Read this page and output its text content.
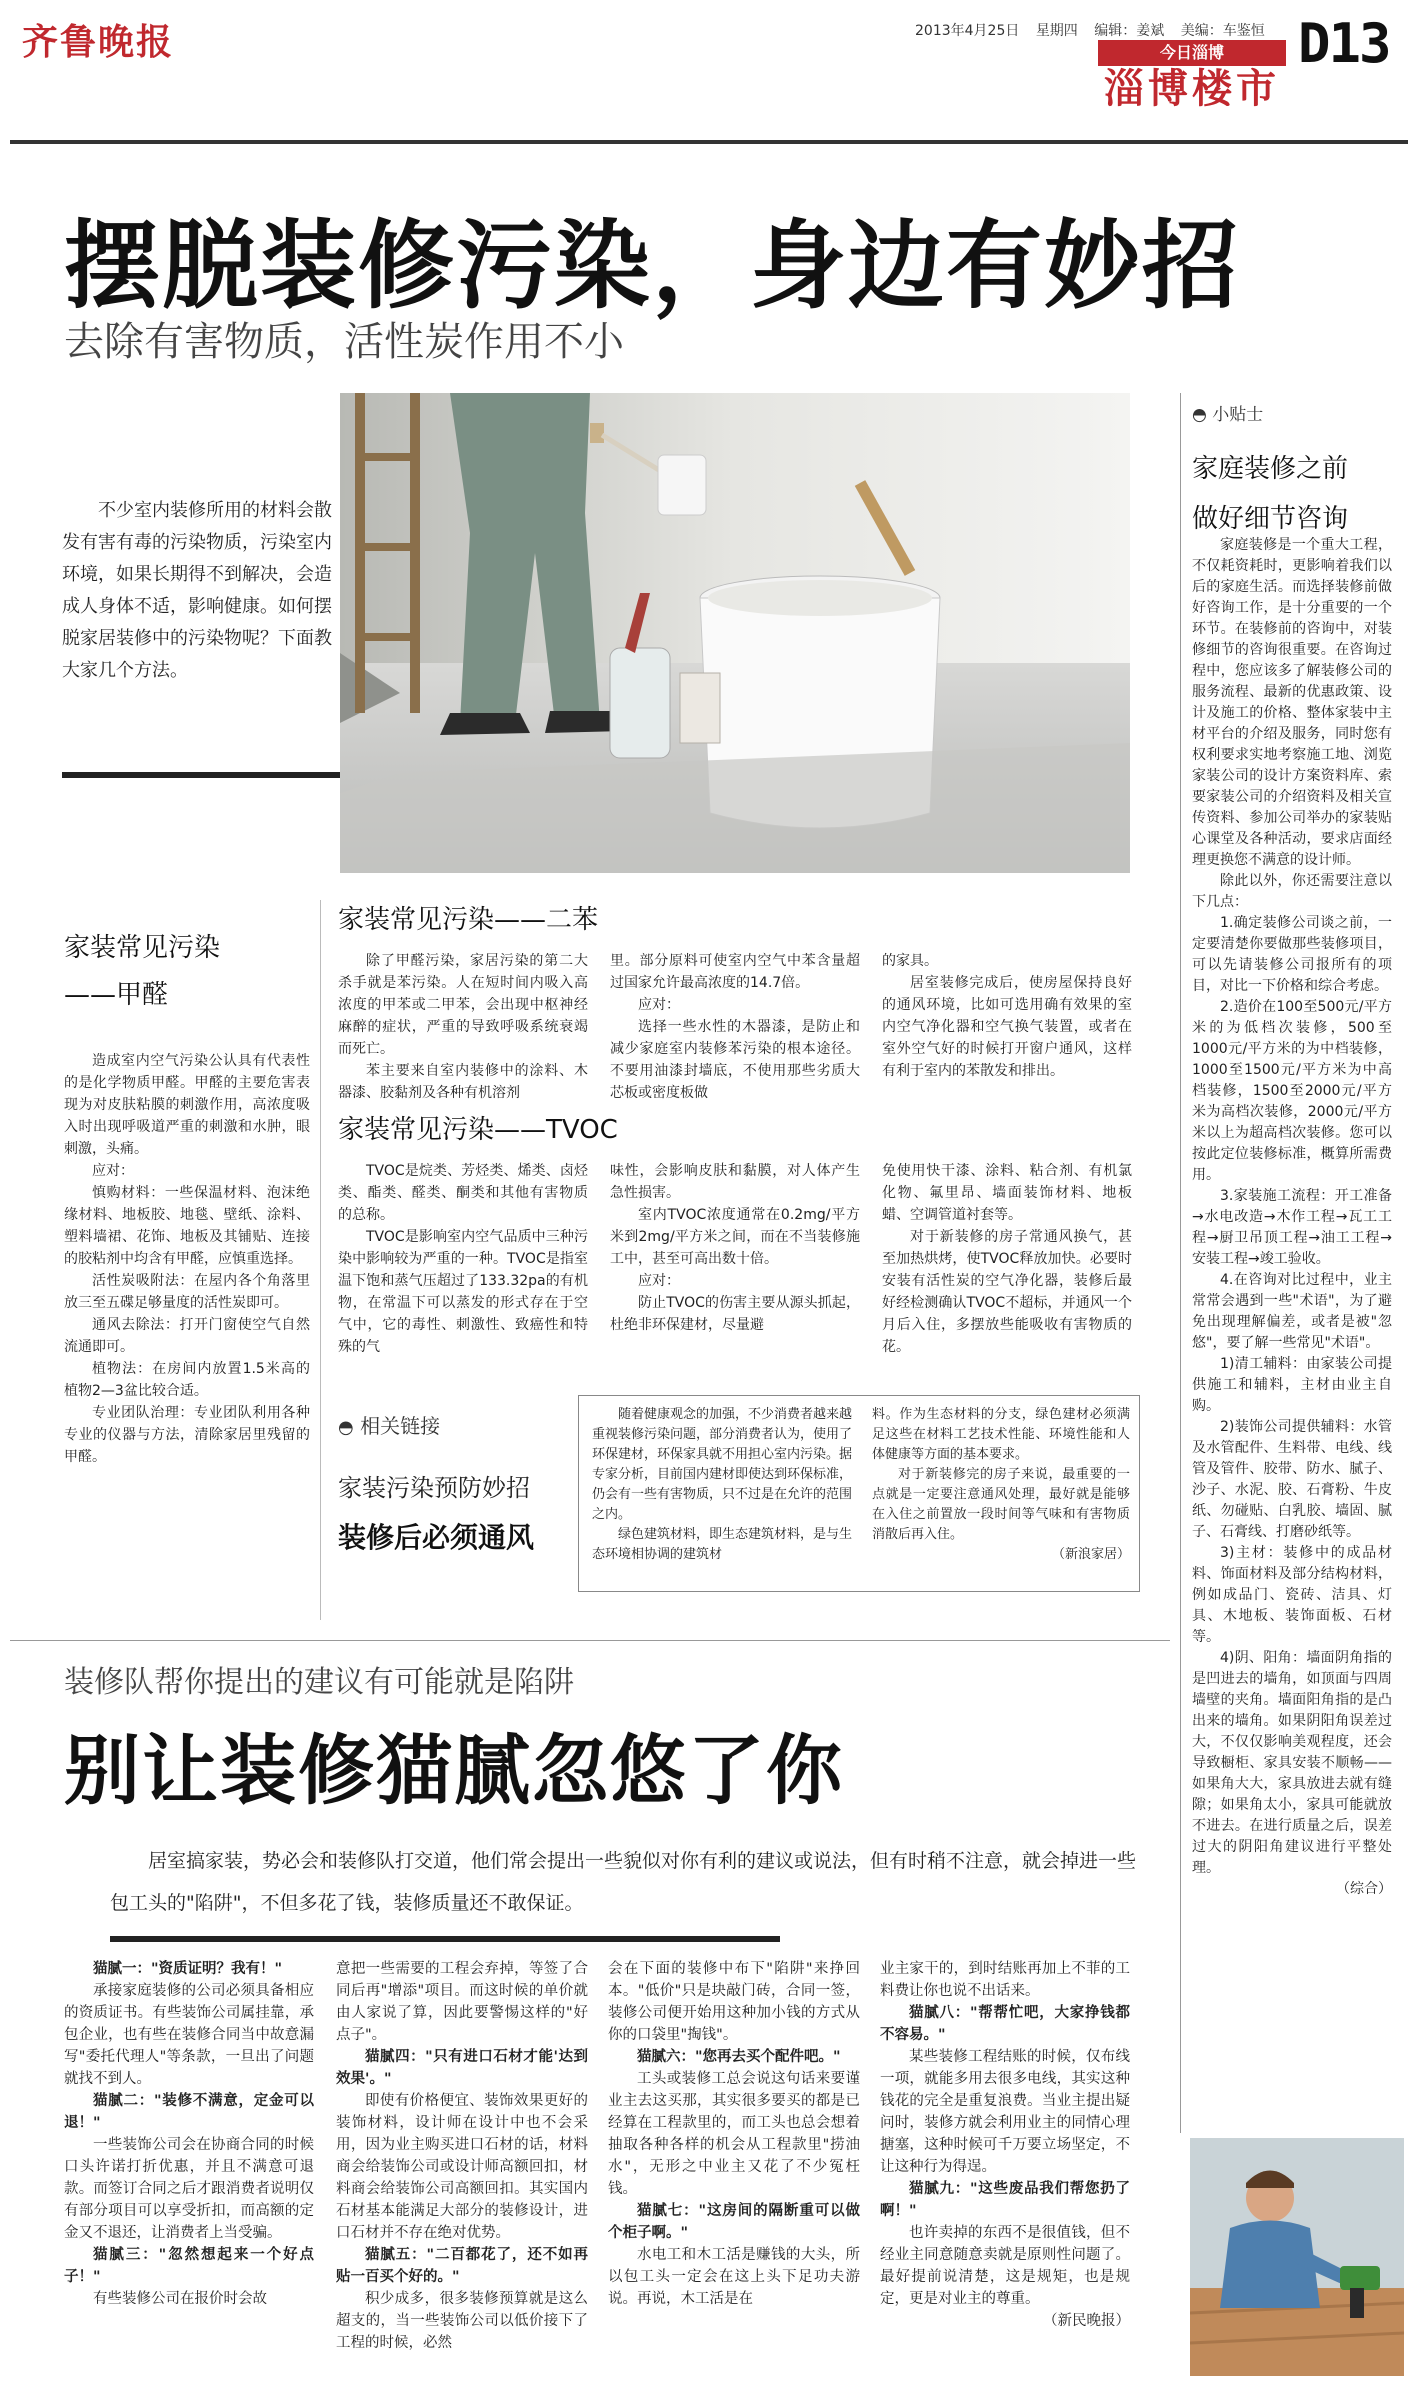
齐鲁晚报	2013年4月25日 星期四 编辑：姜斌 美编：车鉴恒
今日淄博
淄博楼市
D13
摆脱装修污染，身边有妙招
去除有害物质，活性炭作用不小

不少室内装修所用的材料会散发有害有毒的污染物质，污染室内环境，如果长期得不到解决，会造成人身体不适，影响健康。如何摆脱家居装修中的污染物呢？下面教大家几个方法。

家装常见污染
——甲醛

造成室内空气污染公认具有代表性的是化学物质甲醛。甲醛的主要危害表现为对皮肤粘膜的刺激作用，高浓度吸入时出现呼吸道严重的刺激和水肿，眼刺激，头痛。

应对：

慎购材料：一些保温材料、泡沫绝缘材料、地板胶、地毯、壁纸、涂料、塑料墙裙、花饰、地板及其铺贴、连接的胶粘剂中均含有甲醛，应慎重选择。

活性炭吸附法：在屋内各个角落里放三至五碟足够量度的活性炭即可。

通风去除法：打开门窗使空气自然流通即可。

植物法：在房间内放置1.5米高的植物2—3盆比较合适。

专业团队治理：专业团队利用各种专业的仪器与方法，清除家居里残留的甲醛。

家装常见污染——二苯

除了甲醛污染，家居污染的第二大杀手就是苯污染。人在短时间内吸入高浓度的甲苯或二甲苯，会出现中枢神经麻醉的症状，严重的导致呼吸系统衰竭而死亡。

苯主要来自室内装修中的涂料、木器漆、胶黏剂及各种有机溶剂

里。部分原料可使室内空气中苯含量超过国家允许最高浓度的14.7倍。

应对：

选择一些水性的木器漆，是防止和减少家庭室内装修苯污染的根本途径。不要用油漆封墙底，不使用那些劣质大芯板或密度板做

的家具。

居室装修完成后，使房屋保持良好的通风环境，比如可选用确有效果的室内空气净化器和空气换气装置，或者在室外空气好的时候打开窗户通风，这样有利于室内的苯散发和排出。

家装常见污染——TVOC

TVOC是烷类、芳烃类、烯类、卤烃类、酯类、醛类、酮类和其他有害物质的总称。

TVOC是影响室内空气品质中三种污染中影响较为严重的一种。TVOC是指室温下饱和蒸气压超过了133.32pa的有机物，在常温下可以蒸发的形式存在于空气中，它的毒性、刺激性、致癌性和特殊的气

味性，会影响皮肤和黏膜，对人体产生急性损害。

室内TVOC浓度通常在0.2mg/平方米到2mg/平方米之间，而在不当装修施工中，甚至可高出数十倍。

应对：

防止TVOC的伤害主要从源头抓起，杜绝非环保建材，尽量避

免使用快干漆、涂料、粘合剂、有机氯化物、氟里昂、墙面装饰材料、地板蜡、空调管道衬套等。

对于新装修的房子常通风换气，甚至加热烘烤，使TVOC释放加快。必要时安装有活性炭的空气净化器，装修后最好经检测确认TVOC不超标，并通风一个月后入住，多摆放些能吸收有害物质的花。

◓ 相关链接
家装污染预防妙招
装修后必须通风

随着健康观念的加强，不少消费者越来越重视装修污染问题，部分消费者认为，使用了环保建材，环保家具就不用担心室内污染。据专家分析，目前国内建材即使达到环保标准，仍会有一些有害物质，只不过是在允许的范围之内。

绿色建筑材料，即生态建筑材料，是与生态环境相协调的建筑材

料。作为生态材料的分支，绿色建材必须满足这些在材料工艺技术性能、环境性能和人体健康等方面的基本要求。

对于新装修完的房子来说，最重要的一点就是一定要注意通风处理，最好就是能够在入住之前置放一段时间等气味和有害物质消散后再入住。

（新浪家居）

◓ 小贴士
家庭装修之前
做好细节咨询

家庭装修是一个重大工程，不仅耗资耗时，更影响着我们以后的家庭生活。而选择装修前做好咨询工作，是十分重要的一个环节。在装修前的咨询中，对装修细节的咨询很重要。在咨询过程中，您应该多了解装修公司的服务流程、最新的优惠政策、设计及施工的价格、整体家装中主材平台的介绍及服务，同时您有权利要求实地考察施工地、浏览家装公司的设计方案资料库、索要家装公司的介绍资料及相关宣传资料、参加公司举办的家装贴心课堂及各种活动，要求店面经理更换您不满意的设计师。

除此以外，你还需要注意以下几点：

1.确定装修公司谈之前，一定要清楚你要做那些装修项目，可以先请装修公司报所有的项目，对比一下价格和综合考虑。

2.造价在100至500元/平方米的为低档次装修，500至1000元/平方米的为中档装修，1000至1500元/平方米为中高档装修，1500至2000元/平方米为高档次装修，2000元/平方米以上为超高档次装修。您可以按此定位装修标准，概算所需费用。

3.家装施工流程：开工准备→水电改造→木作工程→瓦工工程→厨卫吊顶工程→油工工程→安装工程→竣工验收。

4.在咨询对比过程中，业主常常会遇到一些"术语"，为了避免出现理解偏差，或者是被"忽悠"，要了解一些常见"术语"。

1)清工辅料：由家装公司提供施工和辅料，主材由业主自购。

2)装饰公司提供辅料：水管及水管配件、生料带、电线、线管及管件、胶带、防水、腻子、沙子、水泥、胶、石膏粉、牛皮纸、勿碰贴、白乳胶、墙固、腻子、石膏线、打磨砂纸等。

3)主材：装修中的成品材料、饰面材料及部分结构材料，例如成品门、瓷砖、洁具、灯具、木地板、装饰面板、石材等。

4)阴、阳角：墙面阴角指的是凹进去的墙角，如顶面与四周墙壁的夹角。墙面阳角指的是凸出来的墙角。如果阴阳角误差过大，不仅仅影响美观程度，还会导致橱柜、家具安装不顺畅——如果角大大，家具放进去就有缝隙；如果角太小，家具可能就放不进去。在进行质量之后，误差过大的阴阳角建议进行平整处理。

（综合）

装修队帮你提出的建议有可能就是陷阱
别让装修猫腻忽悠了你

居室搞家装，势必会和装修队打交道，他们常会提出一些貌似对你有利的建议或说法，但有时稍不注意，就会掉进一些包工头的"陷阱"，不但多花了钱，装修质量还不敢保证。

猫腻一："资质证明？我有！"

承接家庭装修的公司必须具备相应的资质证书。有些装饰公司属挂靠，承包企业，也有些在装修合同当中故意漏写"委托代理人"等条款，一旦出了问题就找不到人。

猫腻二："装修不满意，定金可以退！"

一些装饰公司会在协商合同的时候口头许诺打折优惠，并且不满意可退款。而签订合同之后才跟消费者说明仅有部分项目可以享受折扣，而高额的定金又不退还，让消费者上当受骗。

猫腻三："忽然想起来一个好点子！"

有些装修公司在报价时会故

意把一些需要的工程会弃掉，等签了合同后再"增添"项目。而这时候的单价就由人家说了算，因此要警惕这样的"好点子"。

猫腻四："只有进口石材才能'达到效果'。"

即使有价格便宜、装饰效果更好的装饰材料，设计师在设计中也不会采用，因为业主购买进口石材的话，材料商会给装饰公司或设计师高额回扣，材料商会给装饰公司高额回扣。其实国内石材基本能满足大部分的装修设计，进口石材并不存在绝对优势。

猫腻五："二百都花了，还不如再贴一百买个好的。"

积少成多，很多装修预算就是这么超支的，当一些装饰公司以低价接下了工程的时候，必然

会在下面的装修中布下"陷阱"来挣回本。"低价"只是块敲门砖，合同一签，装修公司便开始用这种加小钱的方式从你的口袋里"掏钱"。

猫腻六："您再去买个配件吧。"

工头或装修工总会说这句话来要谨业主去这买那，其实很多要买的都是已经算在工程款里的，而工头也总会想着抽取各种各样的机会从工程款里"捞油水"，无形之中业主又花了不少冤枉钱。

猫腻七："这房间的隔断重可以做个柜子啊。"

水电工和木工活是赚钱的大头，所以包工头一定会在这上头下足功夫游说。再说，木工活是在

业主家干的，到时结账再加上不菲的工料费让你也说不出话来。

猫腻八："帮帮忙吧，大家挣钱都不容易。"

某些装修工程结账的时候，仅布线一项，就能多用去很多电线，其实这种钱花的完全是重复浪费。当业主提出疑问时，装修方就会利用业主的同情心理搪塞，这种时候可千万要立场坚定，不让这种行为得逞。

猫腻九："这些废品我们帮您扔了啊！"

也许卖掉的东西不是很值钱，但不经业主同意随意卖就是原则性问题了。最好提前说清楚，这是规矩，也是规定，更是对业主的尊重。

（新民晚报）
